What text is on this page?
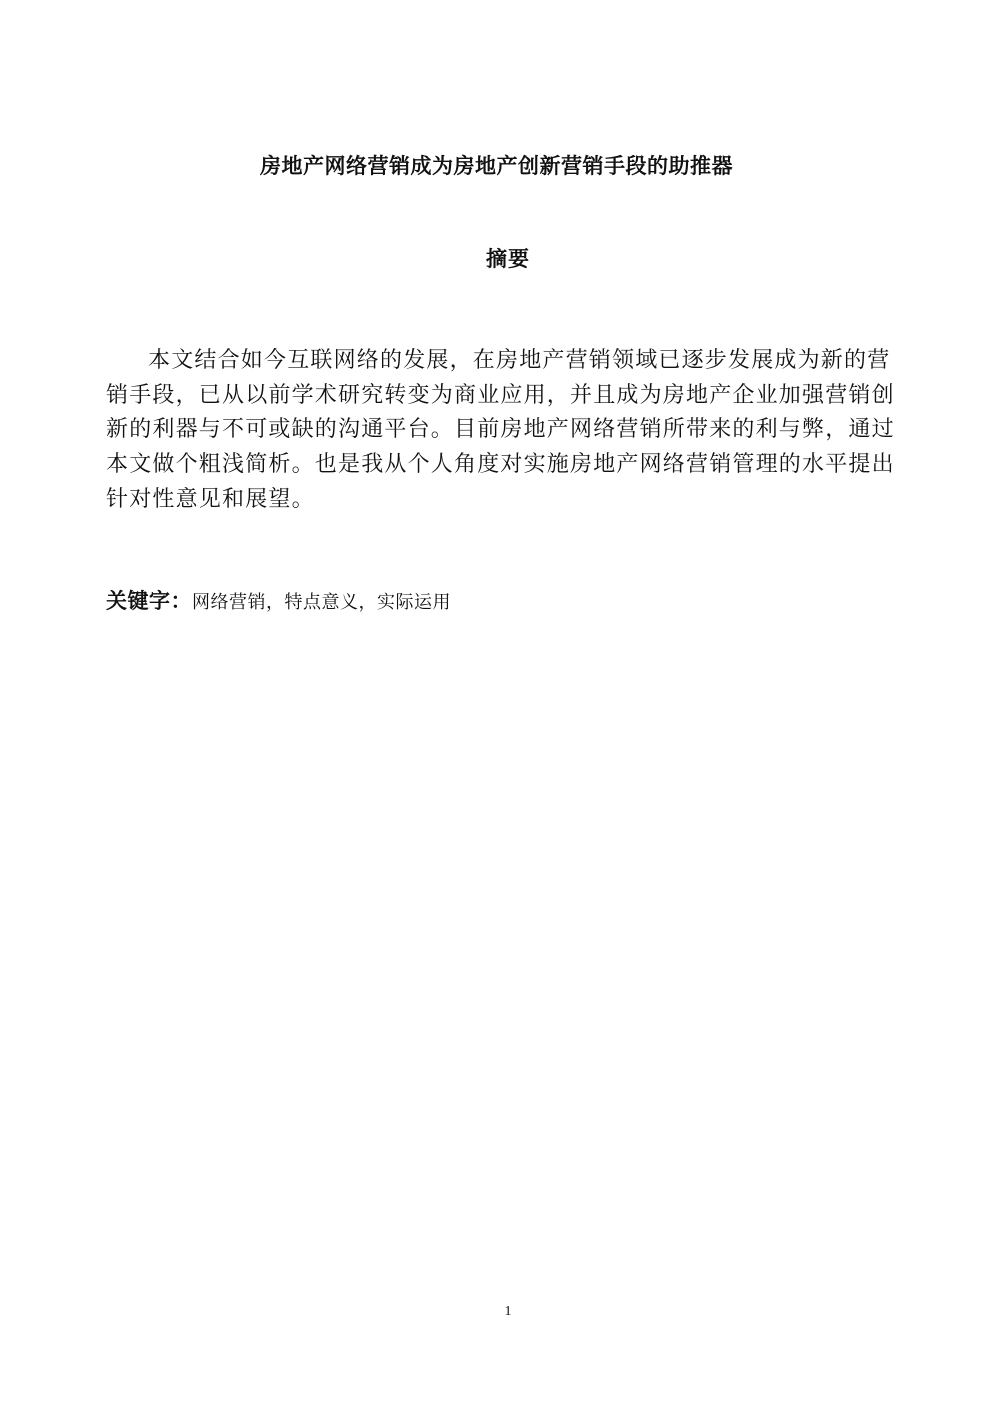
房地产网络营销成为房地产创新营销手段的助推器
摘要
本文结合如今互联网络的发展，在房地产营销领域已逐步发展成为新的营
销手段，已从以前学术研究转变为商业应用，并且成为房地产企业加强营销创
新的利器与不可或缺的沟通平台。目前房地产网络营销所带来的利与弊，通过
本文做个粗浅简析。也是我从个人角度对实施房地产网络营销管理的水平提出
针对性意见和展望。
关键字：网络营销，特点意义，实际运用
1
